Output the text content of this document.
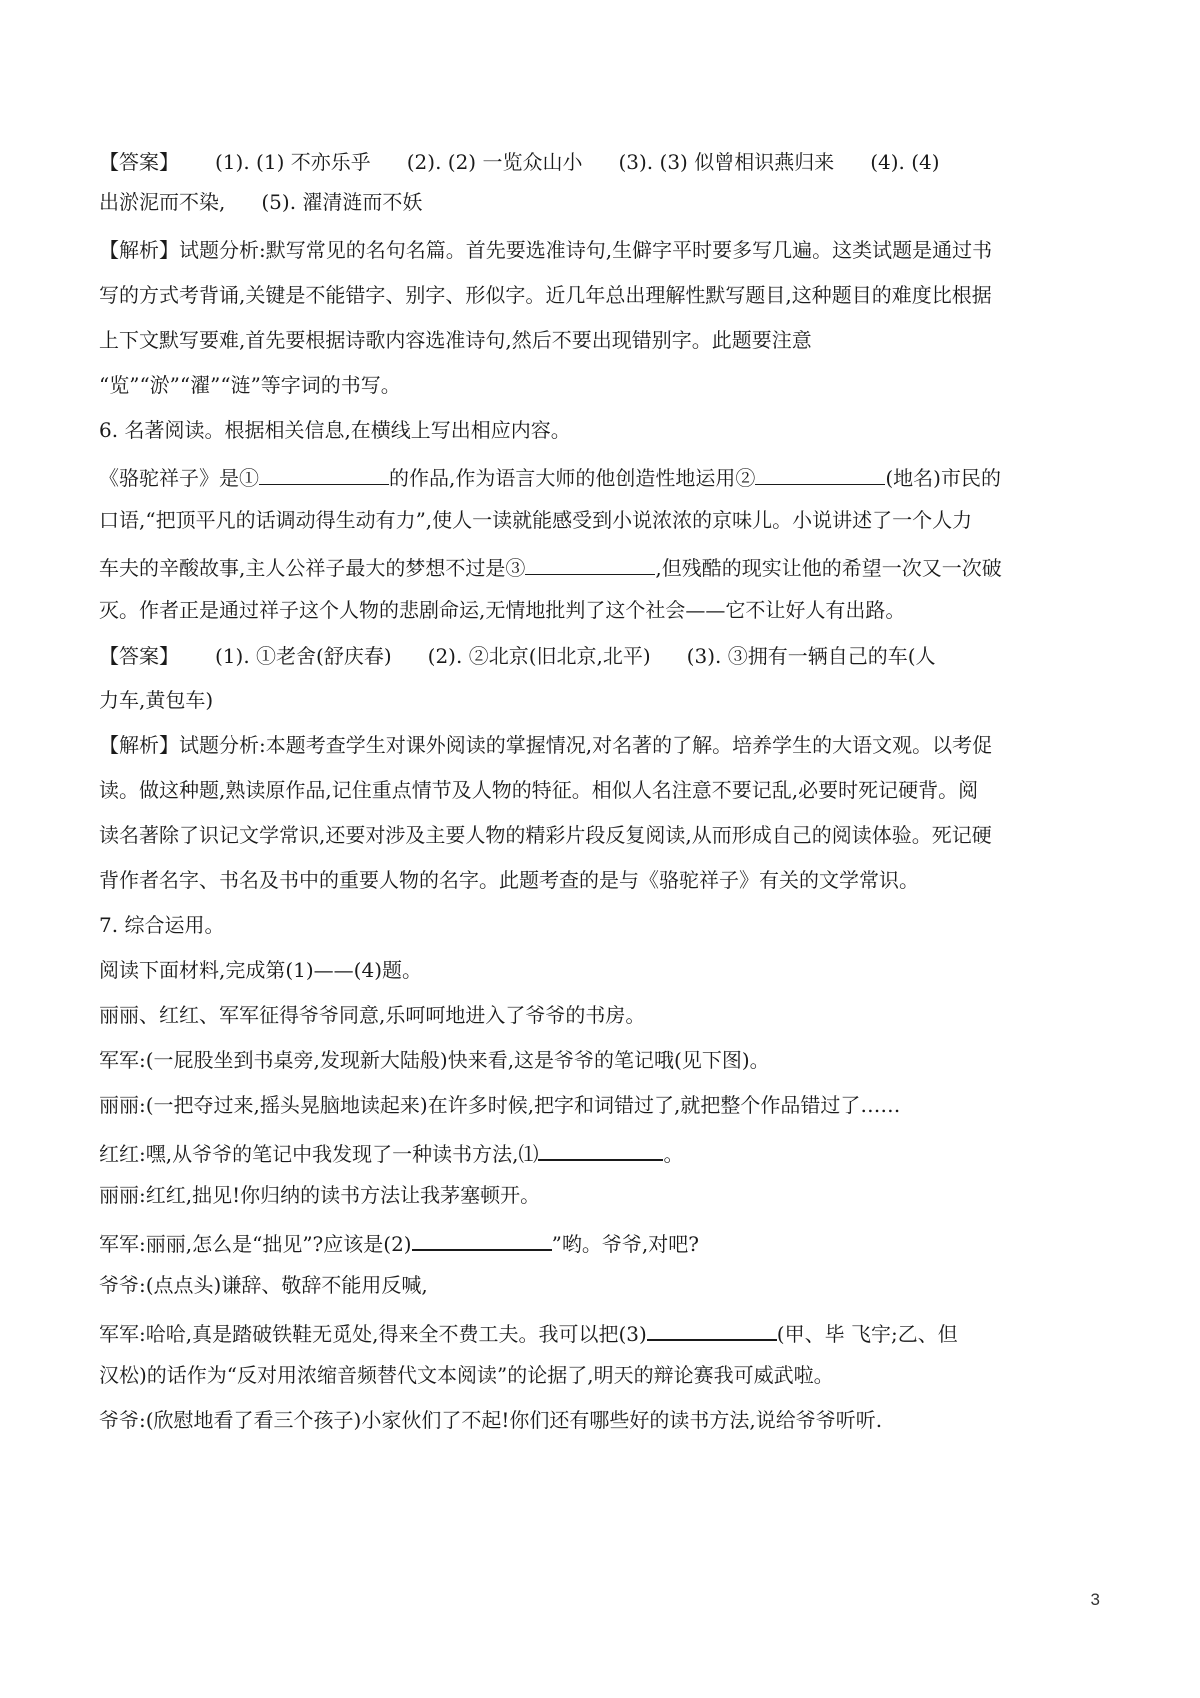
【答案】 (1). (1) 不亦乐乎 (2). (2) 一览众山小 (3). (3) 似曾相识燕归来 (4). (4)
出淤泥而不染, (5). 濯清涟而不妖
【解析】试题分析:默写常见的名句名篇。首先要选准诗句,生僻字平时要多写几遍。这类试题是通过书
写的方式考背诵,关键是不能错字、别字、形似字。近几年总出理解性默写题目,这种题目的难度比根据
上下文默写要难,首先要根据诗歌内容选准诗句,然后不要出现错别字。此题要注意
“览”“淤”“濯”“涟”等字词的书写。
6. 名著阅读。根据相关信息,在横线上写出相应内容。
《骆驼祥子》是①	的作品,作为语言大师的他创造性地运用②	(地名)市民的
口语,“把顶平凡的话调动得生动有力”,使人一读就能感受到小说浓浓的京味儿。小说讲述了一个人力
车夫的辛酸故事,主人公祥子最大的梦想不过是③	,但残酷的现实让他的希望一次又一次破
灭。作者正是通过祥子这个人物的悲剧命运,无情地批判了这个社会——它不让好人有出路。
【答案】 (1). ①老舍(舒庆春) (2). ②北京(旧北京,北平) (3). ③拥有一辆自己的车(人
力车,黄包车)
【解析】试题分析:本题考查学生对课外阅读的掌握情况,对名著的了解。培养学生的大语文观。以考促
读。做这种题,熟读原作品,记住重点情节及人物的特征。相似人名注意不要记乱,必要时死记硬背。阅
读名著除了识记文学常识,还要对涉及主要人物的精彩片段反复阅读,从而形成自己的阅读体验。死记硬
背作者名字、书名及书中的重要人物的名字。此题考查的是与《骆驼祥子》有关的文学常识。
7. 综合运用。
阅读下面材料,完成第(1)——(4)题。
丽丽、红红、军军征得爷爷同意,乐呵呵地进入了爷爷的书房。
军军:(一屁股坐到书桌旁,发现新大陆般)快来看,这是爷爷的笔记哦(见下图)。
丽丽:(一把夺过来,摇头晃脑地读起来)在许多时候,把字和词错过了,就把整个作品错过了……
红红:嘿,从爷爷的笔记中我发现了一种读书方法,⑴	。
丽丽:红红,拙见!你归纳的读书方法让我茅塞顿开。
军军:丽丽,怎么是“拙见”?应该是(2)	”哟。爷爷,对吧?
爷爷:(点点头)谦辞、敬辞不能用反喊,
军军:哈哈,真是踏破铁鞋无觅处,得来全不费工夫。我可以把(3)	(甲、毕 飞宇;乙、但
汉松)的话作为“反对用浓缩音频替代文本阅读”的论据了,明天的辩论赛我可威武啦。
爷爷:(欣慰地看了看三个孩子)小家伙们了不起!你们还有哪些好的读书方法,说给爷爷听听.
3
